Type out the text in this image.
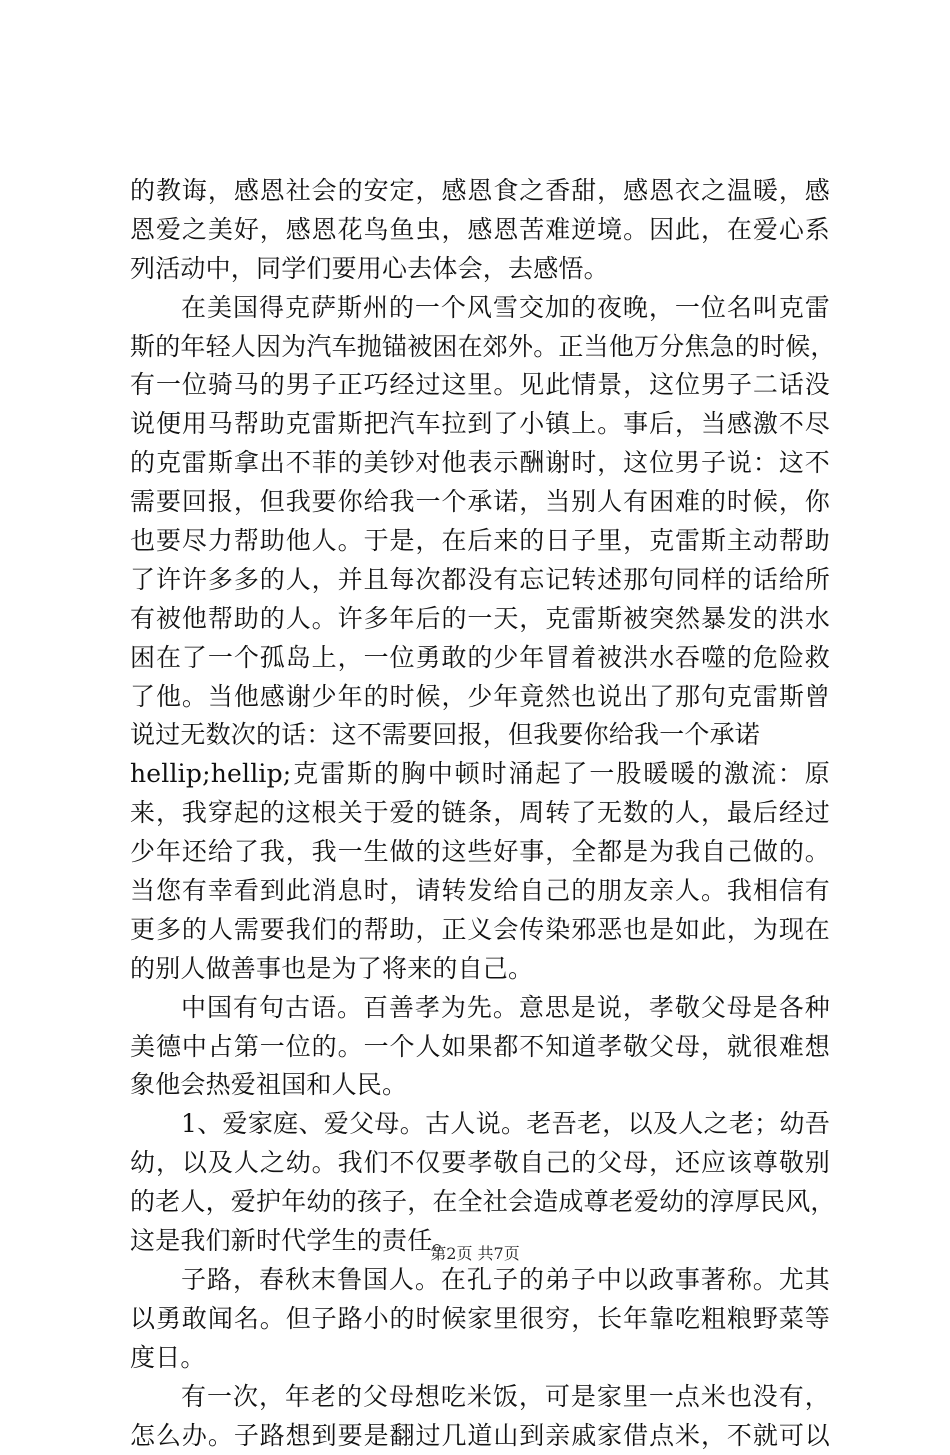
的教诲，感恩社会的安定，感恩食之香甜，感恩衣之温暖，感
恩爱之美好，感恩花鸟鱼虫，感恩苦难逆境。因此，在爱心系
列活动中，同学们要用心去体会，去感悟。
在美国得克萨斯州的一个风雪交加的夜晚，一位名叫克雷
斯的年轻人因为汽车抛锚被困在郊外。正当他万分焦急的时候，
有一位骑马的男子正巧经过这里。见此情景，这位男子二话没
说便用马帮助克雷斯把汽车拉到了小镇上。事后，当感激不尽
的克雷斯拿出不菲的美钞对他表示酬谢时，这位男子说：这不
需要回报，但我要你给我一个承诺，当别人有困难的时候，你
也要尽力帮助他人。于是，在后来的日子里，克雷斯主动帮助
了许许多多的人，并且每次都没有忘记转述那句同样的话给所
有被他帮助的人。许多年后的一天，克雷斯被突然暴发的洪水
困在了一个孤岛上，一位勇敢的少年冒着被洪水吞噬的危险救
了他。当他感谢少年的时候，少年竟然也说出了那句克雷斯曾
说过无数次的话：这不需要回报，但我要你给我一个承诺
hellip;hellip;克雷斯的胸中顿时涌起了一股暖暖的激流：原
来，我穿起的这根关于爱的链条，周转了无数的人，最后经过
少年还给了我，我一生做的这些好事，全都是为我自己做的。
当您有幸看到此消息时，请转发给自己的朋友亲人。我相信有
更多的人需要我们的帮助，正义会传染邪恶也是如此，为现在
的别人做善事也是为了将来的自己。
中国有句古语。百善孝为先。意思是说，孝敬父母是各种
美德中占第一位的。一个人如果都不知道孝敬父母，就很难想
象他会热爱祖国和人民。
1、爱家庭、爱父母。古人说。老吾老，以及人之老；幼吾
幼，以及人之幼。我们不仅要孝敬自己的父母，还应该尊敬别
的老人，爱护年幼的孩子，在全社会造成尊老爱幼的淳厚民风，
这是我们新时代学生的责任。
子路，春秋末鲁国人。在孔子的弟子中以政事著称。尤其
以勇敢闻名。但子路小的时候家里很穷，长年靠吃粗粮野菜等
度日。
有一次，年老的父母想吃米饭，可是家里一点米也没有，
怎么办。子路想到要是翻过几道山到亲戚家借点米，不就可以
第2页 共7页
